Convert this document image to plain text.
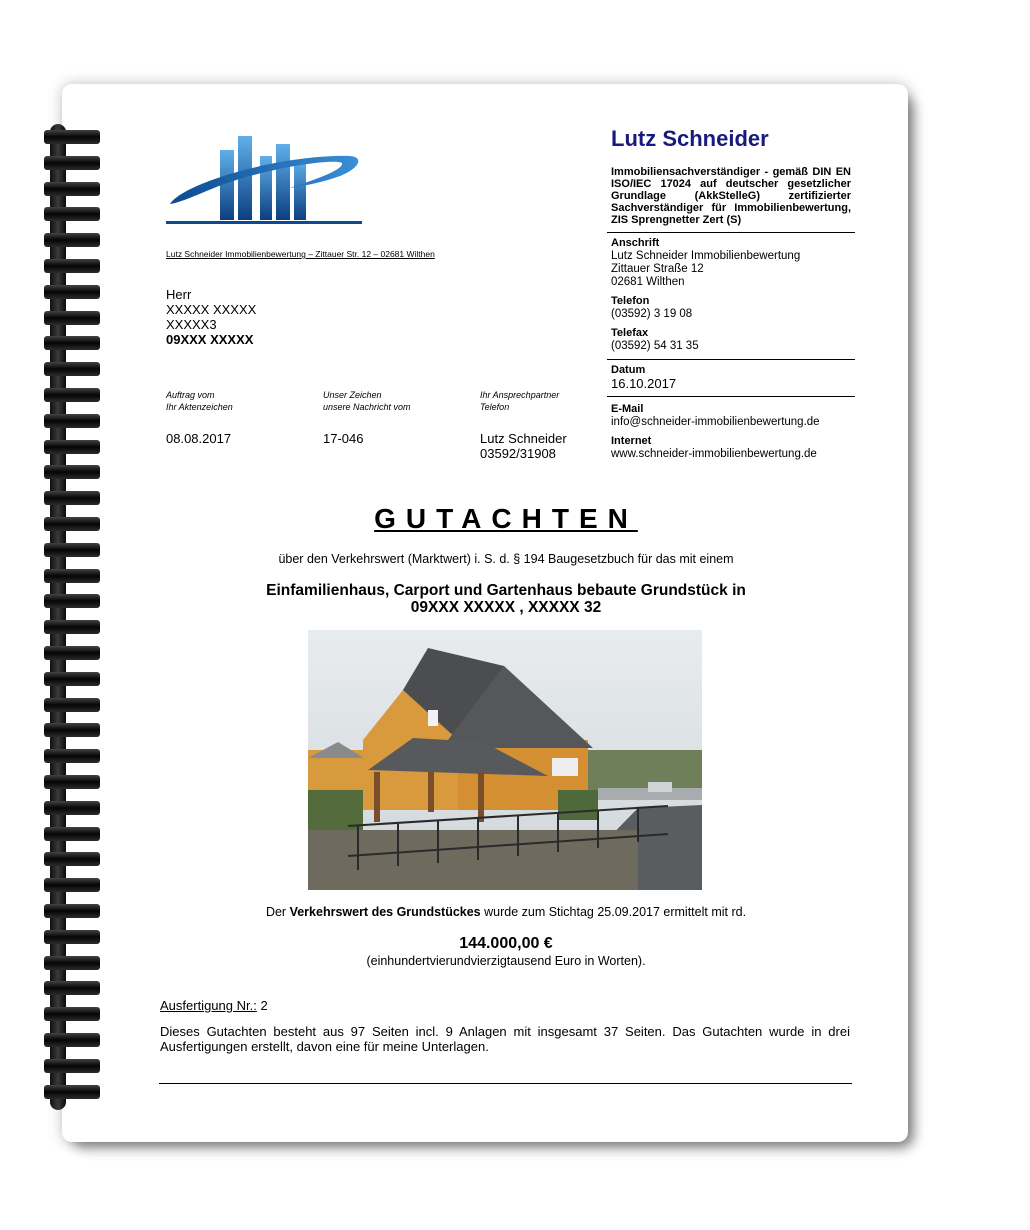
Lutz Schneider Immobilienbewertung – Zittauer Str. 12 – 02681 Wilthen
Herr
XXXXX XXXXX
XXXXX3
09XXX XXXXX
Auftrag vom
Ihr Aktenzeichen
08.08.2017
Unser Zeichen
unsere Nachricht vom
17-046
Ihr Ansprechpartner
Telefon
Lutz Schneider
03592/31908
Lutz Schneider
Immobiliensachverständiger - gemäß DIN EN ISO/IEC 17024 auf deutscher gesetzlicher Grundlage (AkkStelleG) zertifizierter Sachverständiger für Immobilienbewertung, ZIS Sprengnetter Zert (S)
Anschrift
Lutz Schneider Immobilienbewertung
Zittauer Straße 12
02681 Wilthen
Telefon
(03592) 3 19 08
Telefax
(03592) 54 31 35
Datum
16.10.2017
E-Mail
info@schneider-immobilienbewertung.de
Internet
www.schneider-immobilienbewertung.de
GUTACHTEN
über den Verkehrswert (Marktwert) i. S. d. § 194 Baugesetzbuch für das mit einem
Einfamilienhaus, Carport und Gartenhaus bebaute Grundstück in
09XXX XXXXX , XXXXX 32
Der Verkehrswert des Grundstückes wurde zum Stichtag 25.09.2017 ermittelt mit rd.
144.000,00 €
(einhundertvierundvierzigtausend Euro in Worten).
Ausfertigung Nr.: 2
Dieses Gutachten besteht aus 97 Seiten incl. 9 Anlagen mit insgesamt 37 Seiten. Das Gutachten wurde in drei Ausfertigungen erstellt, davon eine für meine Unterlagen.
